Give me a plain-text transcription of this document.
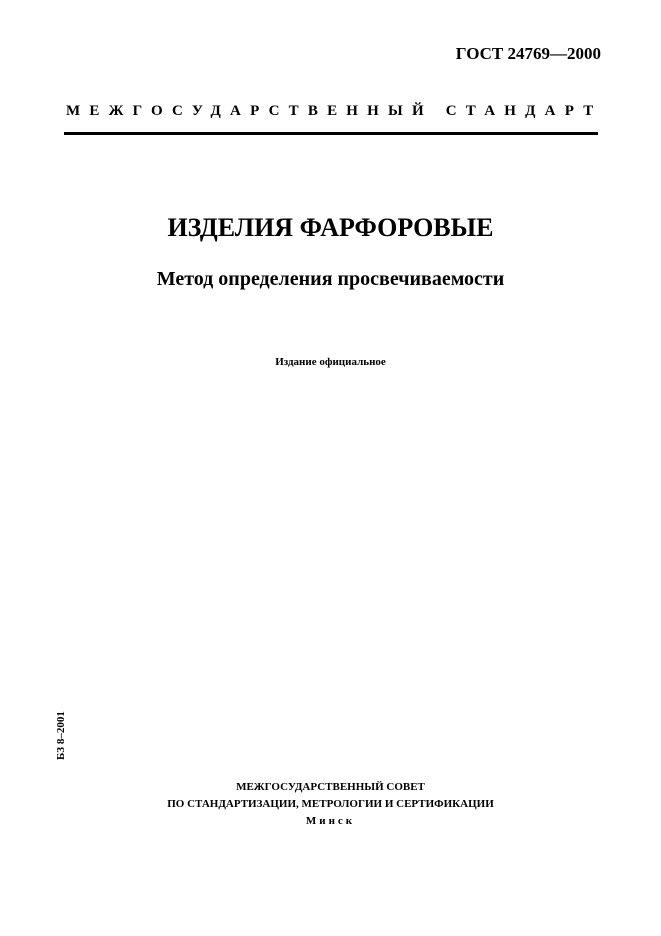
ГОСТ 24769—2000
МЕЖГОСУДАРСТВЕННЫЙ СТАНДАРТ
ИЗДЕЛИЯ ФАРФОРОВЫЕ
Метод определения просвечиваемости
Издание официальное
БЗ 8–2001
МЕЖГОСУДАРСТВЕННЫЙ СОВЕТ
ПО СТАНДАРТИЗАЦИИ, МЕТРОЛОГИИ И СЕРТИФИКАЦИИ
Минск
